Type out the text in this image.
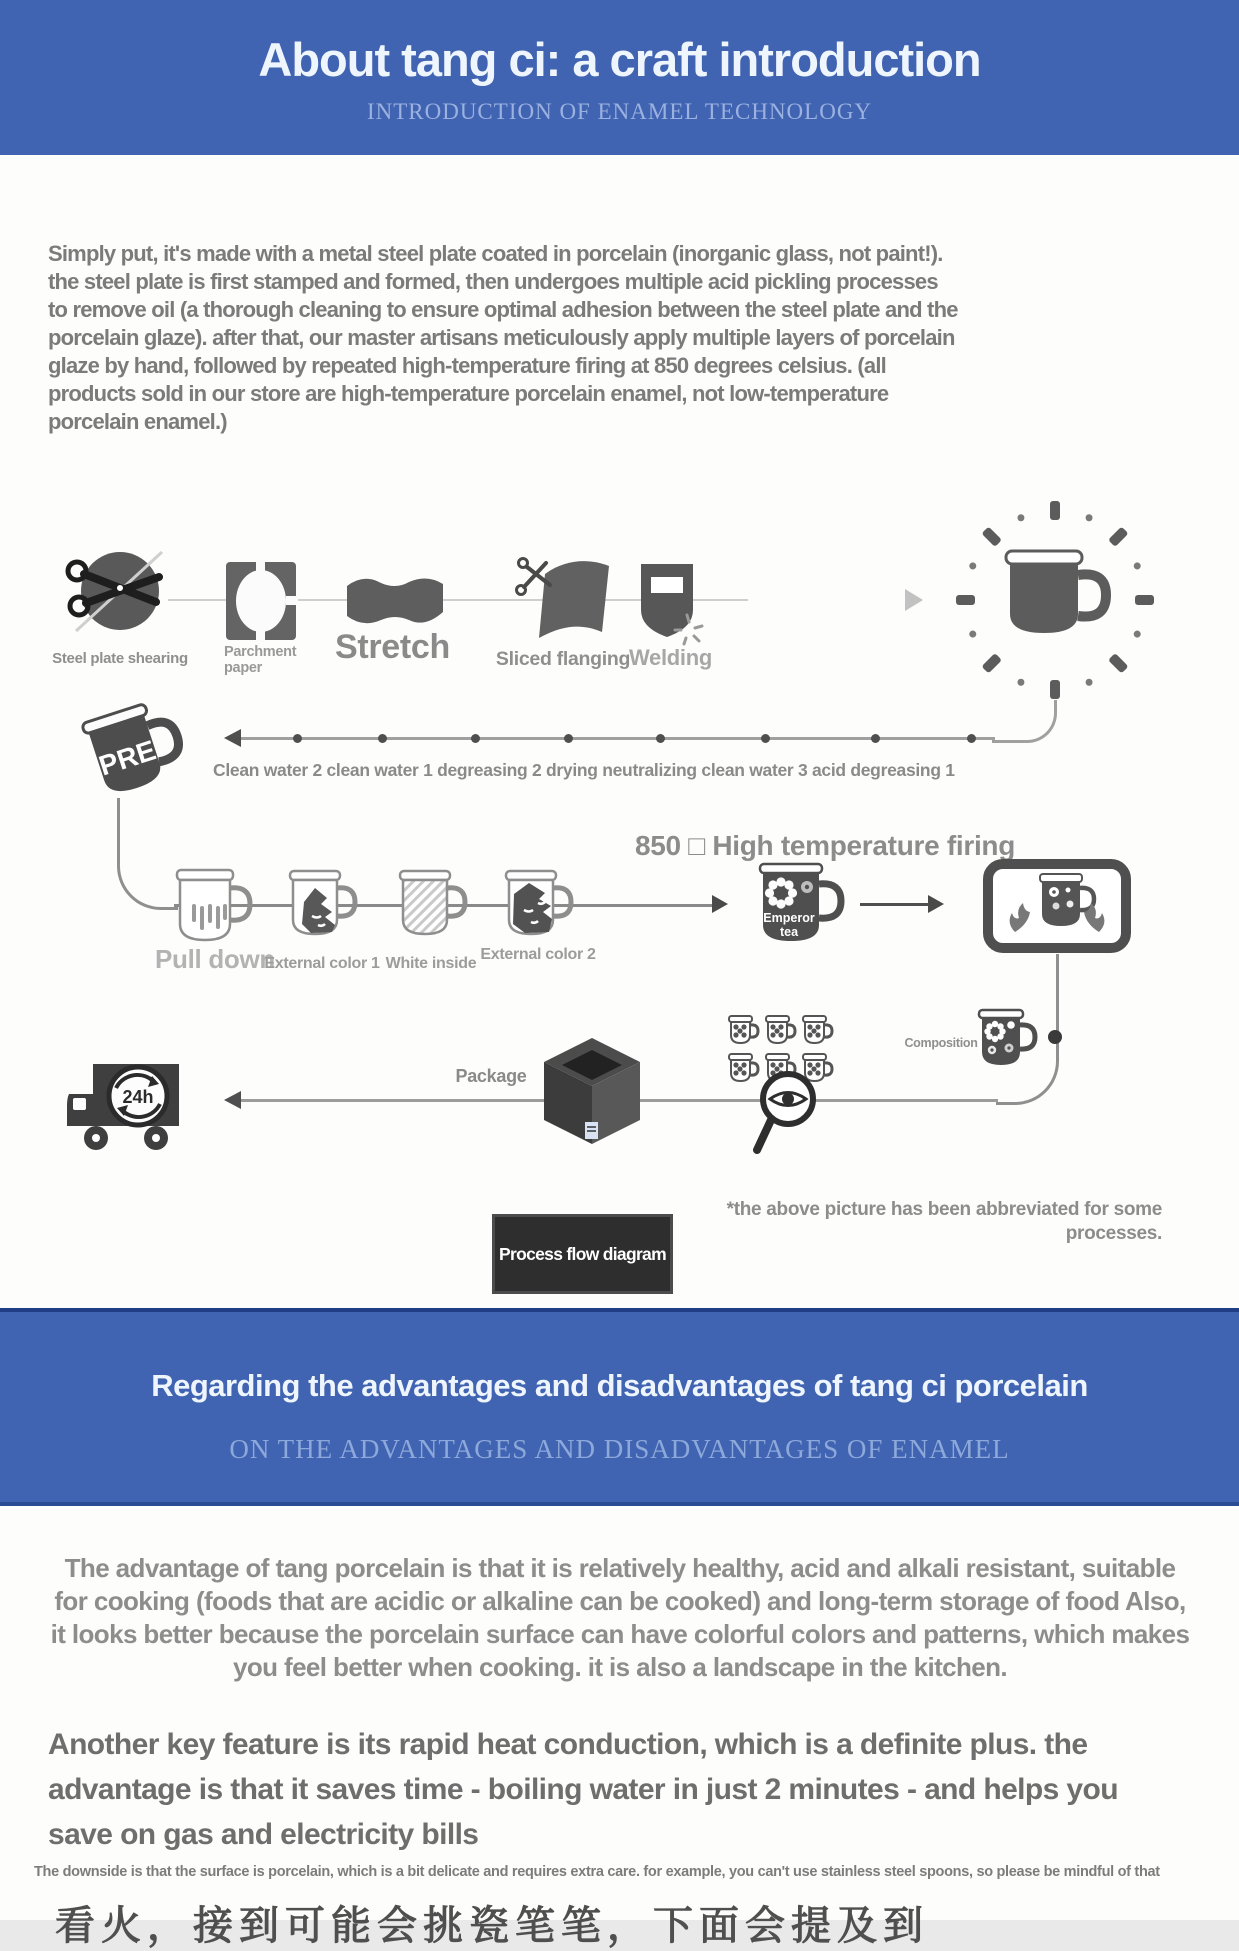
About tang ci: a craft introduction
INTRODUCTION OF ENAMEL TECHNOLOGY
Simply put, it's made with a metal steel plate coated in porcelain (inorganic glass, not paint!). the steel plate is first stamped and formed, then undergoes multiple acid pickling processes to remove oil (a thorough cleaning to ensure optimal adhesion between the steel plate and the porcelain glaze). after that, our master artisans meticulously apply multiple layers of porcelain glaze by hand, followed by repeated high-temperature firing at 850 degrees celsius. (all products sold in our store are high-temperature porcelain enamel, not low-temperature porcelain enamel.)
Steel plate shearing	Parchment paper
Stretch	Sliced flanging
Welding
PRE	Clean water 2 clean water 1 degreasing 2 drying neutralizing clean water 3 acid degreasing 1
850 □ High temperature firing
Pull down
External color 1 White inside
External color 2
Emperor
tea
24h
Package
Composition
Process flow diagram
*the above picture has been abbreviated for some processes.
Regarding the advantages and disadvantages of tang ci porcelain
ON THE ADVANTAGES AND DISADVANTAGES OF ENAMEL
The advantage of tang porcelain is that it is relatively healthy, acid and alkali resistant, suitable for cooking (foods that are acidic or alkaline can be cooked) and long-term storage of food Also, it looks better because the porcelain surface can have colorful colors and patterns, which makes you feel better when cooking. it is also a landscape in the kitchen.
Another key feature is its rapid heat conduction, which is a definite plus. the advantage is that it saves time - boiling water in just 2 minutes - and helps you save on gas and electricity bills
The downside is that the surface is porcelain, which is a bit delicate and requires extra care. for example, you can't use stainless steel spoons, so please be mindful of that
看火，接到可能会挑瓷笔笔，下面会提及到
